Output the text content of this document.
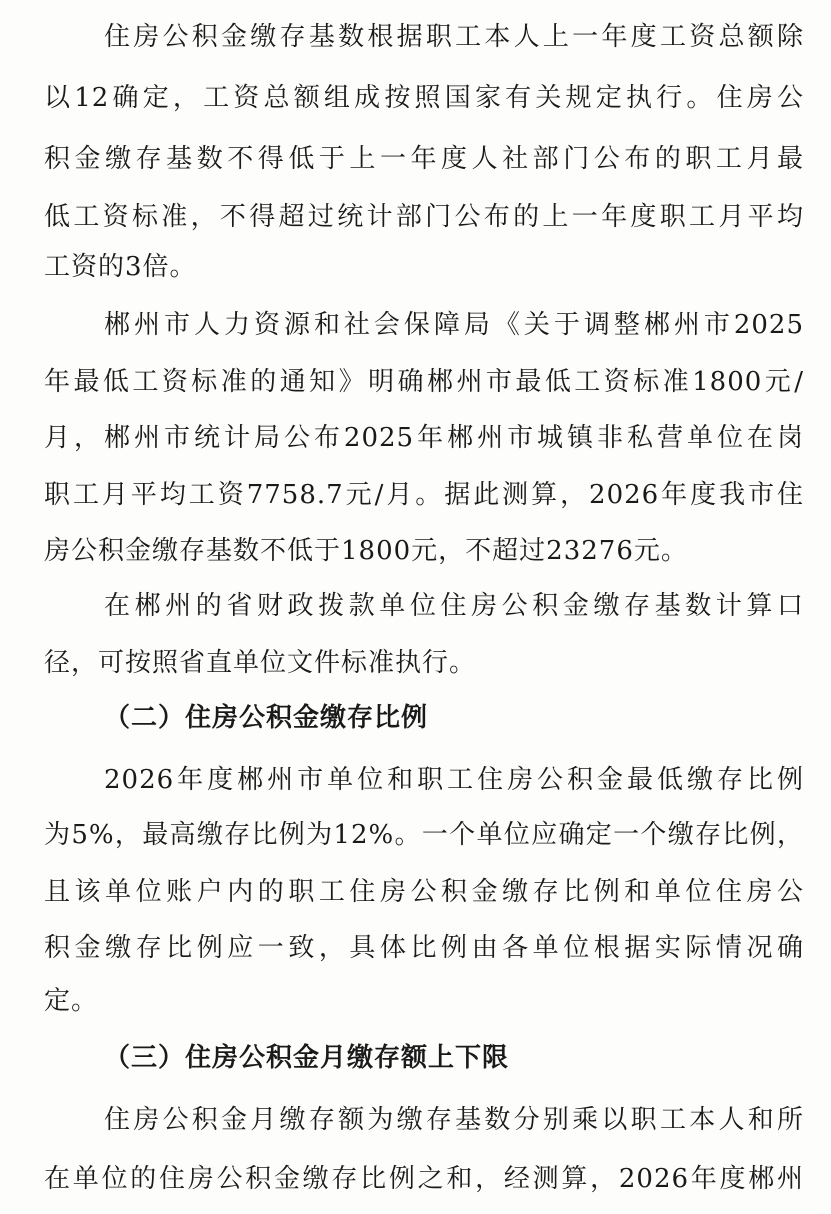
住房公积金缴存基数根据职工本人上一年度工资总额除
以12确定，工资总额组成按照国家有关规定执行。住房公
积金缴存基数不得低于上一年度人社部门公布的职工月最
低工资标准，不得超过统计部门公布的上一年度职工月平均
工资的3倍。
郴州市人力资源和社会保障局《关于调整郴州市2025
年最低工资标准的通知》明确郴州市最低工资标准1800元/
月，郴州市统计局公布2025年郴州市城镇非私营单位在岗
职工月平均工资7758.7元/月。据此测算，2026年度我市住
房公积金缴存基数不低于1800元，不超过23276元。
在郴州的省财政拨款单位住房公积金缴存基数计算口
径，可按照省直单位文件标准执行。
（二）住房公积金缴存比例
2026年度郴州市单位和职工住房公积金最低缴存比例
为5%，最高缴存比例为12%。一个单位应确定一个缴存比例，
且该单位账户内的职工住房公积金缴存比例和单位住房公
积金缴存比例应一致，具体比例由各单位根据实际情况确
定。
（三）住房公积金月缴存额上下限
住房公积金月缴存额为缴存基数分别乘以职工本人和所
在单位的住房公积金缴存比例之和，经测算，2026年度郴州
